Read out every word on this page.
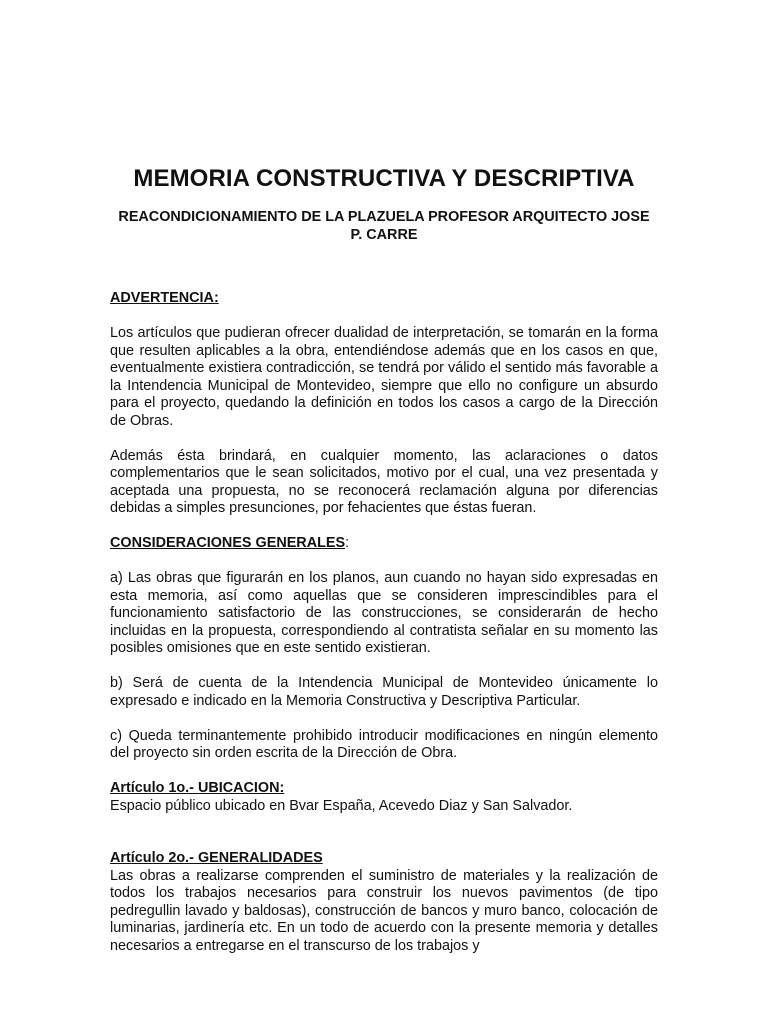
MEMORIA CONSTRUCTIVA Y DESCRIPTIVA

REACONDICIONAMIENTO DE LA PLAZUELA PROFESOR ARQUITECTO JOSE P. CARRE

ADVERTENCIA:

Los artículos que pudieran ofrecer dualidad de interpretación, se tomarán en la forma que resulten aplicables a la obra, entendiéndose además que en los casos en que, eventualmente existiera contradicción, se tendrá por válido el sentido más favorable a la Intendencia Municipal de Montevideo, siempre que ello no configure un absurdo para el proyecto, quedando la definición en todos los casos a cargo de la Dirección de Obras.

Además ésta brindará, en cualquier momento, las aclaraciones o datos complementarios que le sean solicitados, motivo por el cual, una vez presentada y aceptada una propuesta, no se reconocerá reclamación alguna por diferencias debidas a simples presunciones, por fehacientes que éstas fueran.

CONSIDERACIONES GENERALES:

a) Las obras que figurarán en los planos, aun cuando no hayan sido expresadas en esta memoria, así como aquellas que se consideren imprescindibles para el funcionamiento satisfactorio de las construcciones, se considerarán de hecho incluidas en la propuesta, correspondiendo al contratista señalar en su momento las posibles omisiones que en este sentido existieran.

b) Será de cuenta de la Intendencia Municipal de Montevideo únicamente lo expresado e indicado en la Memoria Constructiva y Descriptiva Particular.

c) Queda terminantemente prohibido introducir modificaciones en ningún elemento del proyecto sin orden escrita de la Dirección de Obra.

Artículo 1o.- UBICACION:

Espacio público ubicado en Bvar España, Acevedo Diaz y San Salvador.

Artículo 2o.- GENERALIDADES

Las obras a realizarse comprenden el suministro de materiales y la realización de todos los trabajos necesarios para construir los nuevos pavimentos (de tipo pedregullin lavado y baldosas), construcción de bancos y muro banco, colocación de luminarias, jardinería etc. En un todo de acuerdo con la presente memoria y detalles necesarios a entregarse en el transcurso de los trabajos y
